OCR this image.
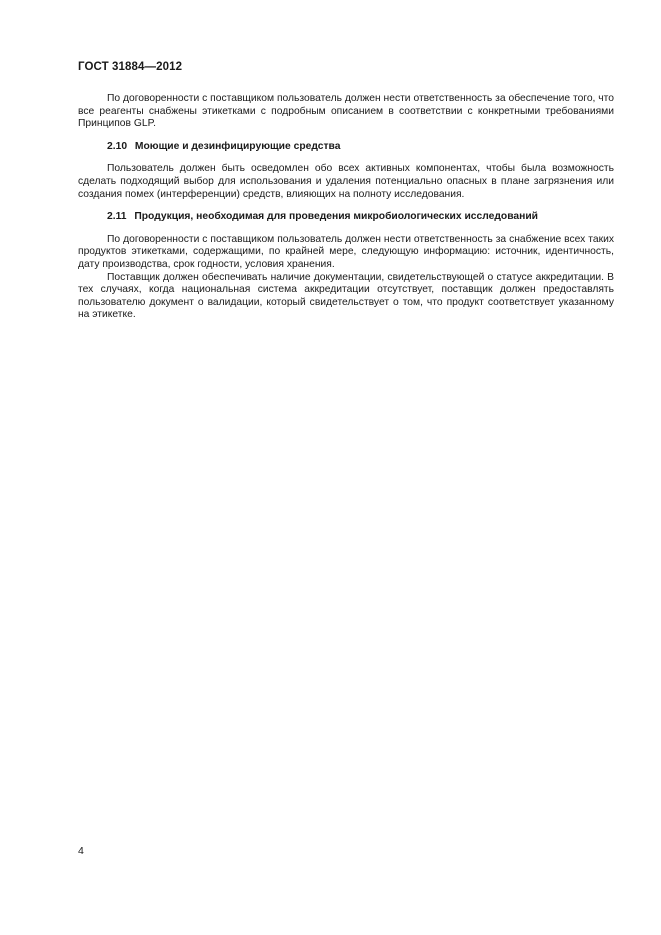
ГОСТ 31884—2012

По договоренности с поставщиком пользователь должен нести ответственность за обеспечение того, что все реагенты снабжены этикетками с подробным описанием в соответствии с конкретными требованиями Принципов GLP.

2.10 Моющие и дезинфицирующие средства

Пользователь должен быть осведомлен обо всех активных компонентах, чтобы была возможность сделать подходящий выбор для использования и удаления потенциально опасных в плане загрязнения или создания помех (интерференции) средств, влияющих на полноту исследования.

2.11 Продукция, необходимая для проведения микробиологических исследований

По договоренности с поставщиком пользователь должен нести ответственность за снабжение всех таких продуктов этикетками, содержащими, по крайней мере, следующую информацию: источник, идентичность, дату производства, срок годности, условия хранения.

Поставщик должен обеспечивать наличие документации, свидетельствующей о статусе аккредитации. В тех случаях, когда национальная система аккредитации отсутствует, поставщик должен предоставлять пользователю документ о валидации, который свидетельствует о том, что продукт соответствует указанному на этикетке.

4
